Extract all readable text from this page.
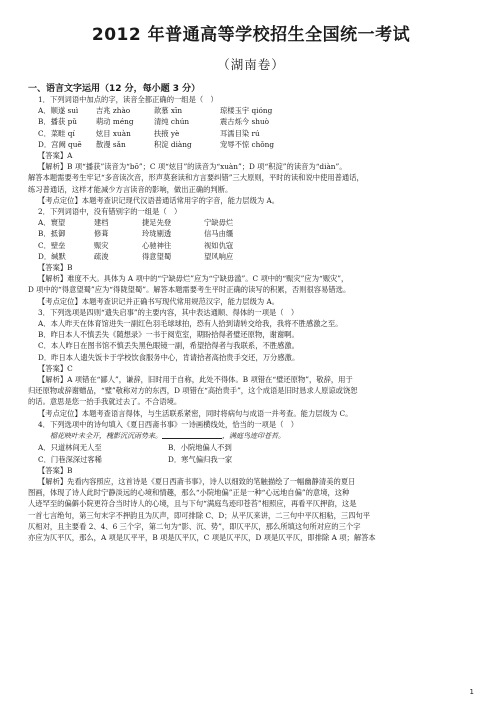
2012 年普通高等学校招生全国统一考试
（湖南卷）
一、语言文字运用（12 分，每小题 3 分）
1．下列词语中加点的字，读音全都正确的一组是（　）
A．顺遂 suì	吉兆 zhào	歆慕 xīn	琼楼玉宇 qióng
B．播获 pǔ	萌动 méng	清纯 chún	震古烁今 shuò
C．菜畦 qí	炫目 xuàn	扶掖 yè	耳濡目染 rú
D．宫阙 quē	散漫 sǎn	积淀 diàng	宠辱不惊 chǒng
【答案】A
【解析】B 项“播获”读音为“bō”；C 项“炫目”的读音为“xuàn”；D 项“积淀”的读音为“diàn”。
解答本题需要考生牢记“多音读次音，形声莫套读和方言要纠错”三大原则，平时的读和说中使用普通话，
练习普通话，这样才能减少方言读音的影响，做出正确的判断。
【考点定位】本题考查识记现代汉语普通话常用字的字音，能力层级为 A。
2．下列词语中，没有错别字的一组是（　）
A．寰望	建档	捷足先登	宁缺毋烂
B．抵御	修葺	玲珑剔透	信马由缰
C．壁垒	赈灾	心驰神往	视如仇寇
D．缄默	疏浚	得意望蜀	望风响应
【答案】B
【解析】难度不大。具体为 A 项中的“宁缺毋烂”应为“宁缺毋滥”。C 项中的“赈灾”应为“赈灾”，
D 项中的“得意望蜀”应为“得陇望蜀”。解答本题需要考生平时正确的读写的积累，否则很容易错选。
【考点定位】本题考查识记并正确书写现代常用规范汉字，能力层级为 A。
3．下列选项是四则“遗失启事”的主要内容，其中表达通顺、得体的一项是（　）
A．本人昨天在体育馆进失一副红色羽毛球球拍，恐有人拾到请转交给我，我将不胜感激之至。
B．昨日本人不慎丢失《随想录》一书于阅览室，期盼拾得者璧还原物，谢谢啊。
C．本人昨日在图书馆不慎丢失黑色眼镜一副，希望拾得者与我联系，不胜感激。
D．昨日本人遗失饭卡于学校饮食服务中心，肯请拾者高抬贵手交还，万分感激。
【答案】C
【解析】A 项错在“鄙人”，谦辞，旧时用于自称，此处不得体。B 项错在“璧还原物”，敬辞，用于
归还原物或辞谢赠品，“璧”敬称对方的东西，D 项错在“高抬贵手”，这个成语是旧时恳求人原谅或饶恕
的话。意思是您一抬手我就过去了。不合语境。
【考点定位】本题考查语言得体，与生活联系紧密，同时将病句与成语一并考查。能力层级为 C。
4．下列选项中的诗句填入《夏日西斋书事》一诗画横线处，恰当的一项是（　）
榴花映叶未全开，槐影沉沉雨势来。	，满庭鸟迹印苍苔。
A．只道林间无人至	B．小院地偏人不到
C．门巷深深过客稀	D．寒气偏归我一家
【答案】B
【解析】先看内容照应，这首诗是《夏日西斋书事》，诗人以细致的笔触描绘了一幅幽静清美的夏日
图画，体现了诗人此时宁静淡远的心境和情趣，那么“小院地偏”正是一种“心远地自偏”的意境，这种
人迹罕至的偏僻小院更符合当时诗人的心境，且与下句“满庭鸟迹印苍苔”相照应，再看平仄押韵，这是
一首七言绝句，第三句末字不押韵且为仄声，即可排除 C、D；从平仄来讲，二三句中平仄相粘，三四句平
仄相对，且主要看 2、4、6 三个字，第二句为“影、沉、势”，即仄平仄，那么所填这句所对应的三个字
亦应为仄平仄，那么，A 项是仄平平，B 项是仄平仄，C 项是仄平仄，D 项是仄平仄，即排除 A 项；解答本
1
